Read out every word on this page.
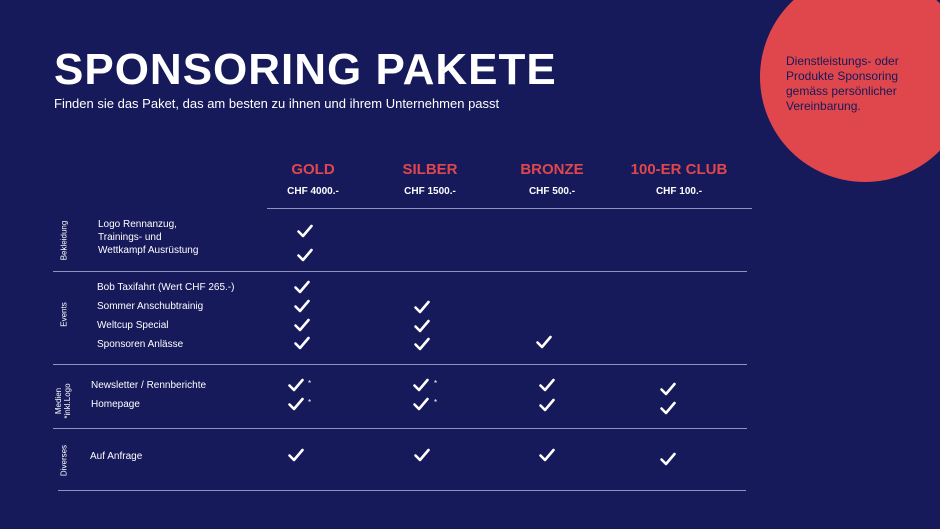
Dienstleistungs- oder Produkte Sponsoring gemäss persönlicher Vereinbarung.
SPONSORING PAKETE
Finden sie das Paket, das am besten zu ihnen und ihrem Unternehmen passt
GOLD
CHF 4000.-
SILBER
CHF 1500.-
BRONZE
CHF 500.-
100-ER CLUB
CHF 100.-
Bekleidung
Events
Medien *inkl.Logo
Diverses
Logo Rennanzug,
Trainings- und
Wettkampf Ausrüstung
Bob Taxifahrt (Wert CHF 265.-)
Sommer Anschubtrainig
Weltcup Special
Sponsoren Anlässe
Newsletter / Rennberichte
Homepage
*
*
*
*
Auf Anfrage
